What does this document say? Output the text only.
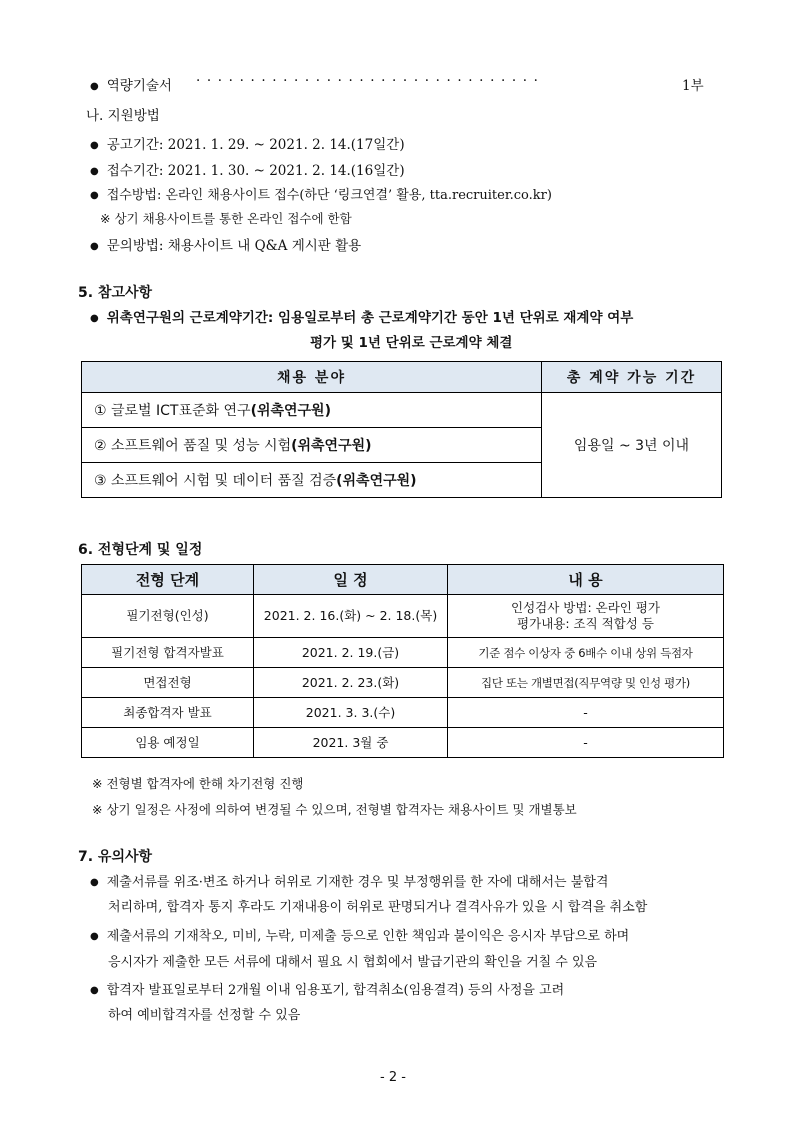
● 역량기술서 ································	1부
나. 지원방법
● 공고기간: 2021. 1. 29. ~ 2021. 2. 14.(17일간)
● 접수기간: 2021. 1. 30. ~ 2021. 2. 14.(16일간)
● 접수방법: 온라인 채용사이트 접수(하단 ‘링크연결’ 활용, tta.recruiter.co.kr)
※ 상기 채용사이트를 통한 온라인 접수에 한함
● 문의방법: 채용사이트 내 Q&A 게시판 활용
5. 참고사항
● 위촉연구원의 근로계약기간: 임용일로부터 총 근로계약기간 동안 1년 단위로 재계약 여부
평가 및 1년 단위로 근로계약 체결
채용 분야	총 계약 가능 기간
① 글로벌 ICT표준화 연구(위촉연구원)	임용일 ~ 3년 이내
② 소프트웨어 품질 및 성능 시험(위촉연구원)	
③ 소프트웨어 시험 및 데이터 품질 검증(위촉연구원)	
6. 전형단계 및 일정
전형 단계	일 정	내 용
필기전형(인성)	2021. 2. 16.(화) ~ 2. 18.(목)	인성검사 방법: 온라인 평가
평가내용: 조직 적합성 등

필기전형 합격자발표	2021. 2. 19.(금)	기준 점수 이상자 중 6배수 이내 상위 득점자
면접전형	2021. 2. 23.(화)	집단 또는 개별면접(직무역량 및 인성 평가)
최종합격자 발표	2021. 3. 3.(수)	-
임용 예정일	2021. 3월 중	-
※ 전형별 합격자에 한해 차기전형 진행
※ 상기 일정은 사정에 의하여 변경될 수 있으며, 전형별 합격자는 채용사이트 및 개별통보
7. 유의사항
● 제출서류를 위조·변조 하거나 허위로 기재한 경우 및 부정행위를 한 자에 대해서는 불합격
처리하며, 합격자 통지 후라도 기재내용이 허위로 판명되거나 결격사유가 있을 시 합격을 취소함
● 제출서류의 기재착오, 미비, 누락, 미제출 등으로 인한 책임과 불이익은 응시자 부담으로 하며
응시자가 제출한 모든 서류에 대해서 필요 시 협회에서 발급기관의 확인을 거칠 수 있음
● 합격자 발표일로부터 2개월 이내 임용포기, 합격취소(임용결격) 등의 사정을 고려
하여 예비합격자를 선정할 수 있음
- 2 -
